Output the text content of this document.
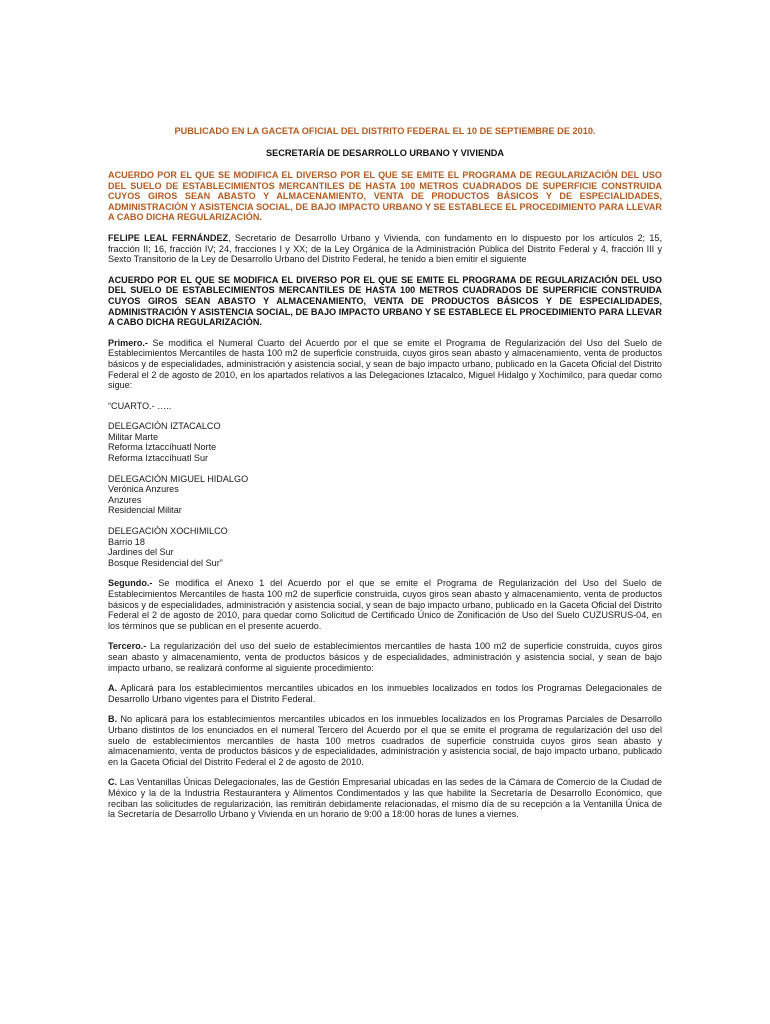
PUBLICADO EN LA GACETA OFICIAL DEL DISTRITO FEDERAL EL 10 DE SEPTIEMBRE DE 2010.

SECRETARÍA DE DESARROLLO URBANO Y VIVIENDA

ACUERDO POR EL QUE SE MODIFICA EL DIVERSO POR EL QUE SE EMITE EL PROGRAMA DE REGULARIZACIÓN DEL USO DEL SUELO DE ESTABLECIMIENTOS MERCANTILES DE HASTA 100 METROS CUADRADOS DE SUPERFICIE CONSTRUIDA CUYOS GIROS SEAN ABASTO Y ALMACENAMIENTO, VENTA DE PRODUCTOS BÁSICOS Y DE ESPECIALIDADES, ADMINISTRACIÓN Y ASISTENCIA SOCIAL, DE BAJO IMPACTO URBANO Y SE ESTABLECE EL PROCEDIMIENTO PARA LLEVAR A CABO DICHA REGULARIZACIÓN.

FELIPE LEAL FERNÁNDEZ, Secretario de Desarrollo Urbano y Vivienda, con fundamento en lo dispuesto por los artículos 2; 15, fracción II; 16, fracción IV; 24, fracciones I y XX; de la Ley Orgánica de la Administración Pública del Distrito Federal y 4, fracción III y Sexto Transitorio de la Ley de Desarrollo Urbano del Distrito Federal, he tenido a bien emitir el siguiente

ACUERDO POR EL QUE SE MODIFICA EL DIVERSO POR EL QUE SE EMITE EL PROGRAMA DE REGULARIZACIÓN DEL USO DEL SUELO DE ESTABLECIMIENTOS MERCANTILES DE HASTA 100 METROS CUADRADOS DE SUPERFICIE CONSTRUIDA CUYOS GIROS SEAN ABASTO Y ALMACENAMIENTO, VENTA DE PRODUCTOS BÁSICOS Y DE ESPECIALIDADES, ADMINISTRACIÓN Y ASISTENCIA SOCIAL, DE BAJO IMPACTO URBANO Y SE ESTABLECE EL PROCEDIMIENTO PARA LLEVAR A CABO DICHA REGULARIZACIÓN.

Primero.- Se modifica el Numeral Cuarto del Acuerdo por el que se emite el Programa de Regularización del Uso del Suelo de Establecimientos Mercantiles de hasta 100 m2 de superficie construida, cuyos giros sean abasto y almacenamiento, venta de productos básicos y de especialidades, administración y asistencia social, y sean de bajo impacto urbano, publicado en la Gaceta Oficial del Distrito Federal el 2 de agosto de 2010, en los apartados relativos a las Delegaciones Iztacalco, Miguel Hidalgo y Xochimilco, para quedar como sigue:

“CUARTO.- …..

DELEGACIÓN IZTACALCO

Militar Marte

Reforma Iztaccíhuatl Norte

Reforma Iztaccíhuatl Sur

DELEGACIÓN MIGUEL HIDALGO

Verónica Anzures

Anzures

Residencial Militar

DELEGACIÓN XOCHIMILCO

Barrio 18

Jardines del Sur

Bosque Residencial del Sur”

Segundo.- Se modifica el Anexo 1 del Acuerdo por el que se emite el Programa de Regularización del Uso del Suelo de Establecimientos Mercantiles de hasta 100 m2 de superficie construida, cuyos giros sean abasto y almacenamiento, venta de productos básicos y de especialidades, administración y asistencia social, y sean de bajo impacto urbano, publicado en la Gaceta Oficial del Distrito Federal el 2 de agosto de 2010, para quedar como Solicitud de Certificado Único de Zonificación de Uso del Suelo CUZUSRUS-04, en los términos que se publican en el presente acuerdo.

Tercero.- La regularización del uso del suelo de establecimientos mercantiles de hasta 100 m2 de superficie construida, cuyos giros sean abasto y almacenamiento, venta de productos básicos y de especialidades, administración y asistencia social, y sean de bajo impacto urbano, se realizará conforme al siguiente procedimiento:

A. Aplicará para los establecimientos mercantiles ubicados en los inmuebles localizados en todos los Programas Delegacionales de Desarrollo Urbano vigentes para el Distrito Federal.

B. No aplicará para los establecimientos mercantiles ubicados en los inmuebles localizados en los Programas Parciales de Desarrollo Urbano distintos de los enunciados en el numeral Tercero del Acuerdo por el que se emite el programa de regularización del uso del suelo de establecimientos mercantiles de hasta 100 metros cuadrados de superficie construida cuyos giros sean abasto y almacenamiento, venta de productos básicos y de especialidades, administración y asistencia social, de bajo impacto urbano, publicado en la Gaceta Oficial del Distrito Federal el 2 de agosto de 2010.

C. Las Ventanillas Únicas Delegacionales, las de Gestión Empresarial ubicadas en las sedes de la Cámara de Comercio de la Ciudad de México y la de la Industria Restaurantera y Alimentos Condimentados y las que habilite la Secretaría de Desarrollo Económico, que reciban las solicitudes de regularización, las remitirán debidamente relacionadas, el mismo día de su recepción a la Ventanilla Única de la Secretaría de Desarrollo Urbano y Vivienda en un horario de 9:00 a 18:00 horas de lunes a viernes.
